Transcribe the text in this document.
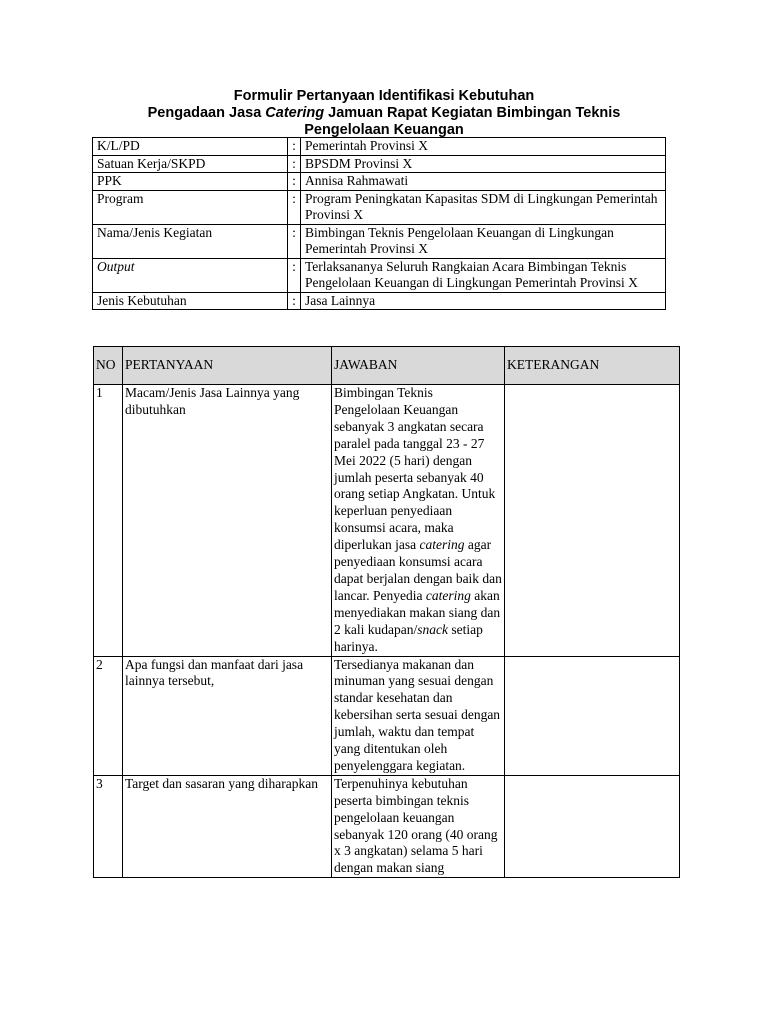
Formulir Pertanyaan Identifikasi Kebutuhan
Pengadaan Jasa Catering Jamuan Rapat Kegiatan Bimbingan Teknis
Pengelolaan Keuangan
K/L/PD	:	Pemerintah Provinsi X
Satuan Kerja/SKPD	:	BPSDM Provinsi X
PPK	:	Annisa Rahmawati
Program	:	Program Peningkatan Kapasitas SDM di Lingkungan Pemerintah Provinsi X
Nama/Jenis Kegiatan	:	Bimbingan Teknis Pengelolaan Keuangan di Lingkungan Pemerintah Provinsi X
Output	:	Terlaksananya Seluruh Rangkaian Acara Bimbingan Teknis Pengelolaan Keuangan di Lingkungan Pemerintah Provinsi X
Jenis Kebutuhan	:	Jasa Lainnya
NO	PERTANYAAN	JAWABAN	KETERANGAN
1	Macam/Jenis Jasa Lainnya yang dibutuhkan	Bimbingan Teknis Pengelolaan Keuangan sebanyak 3 angkatan secara paralel pada tanggal 23 - 27 Mei 2022 (5 hari) dengan jumlah peserta sebanyak 40 orang setiap Angkatan. Untuk keperluan penyediaan konsumsi acara, maka diperlukan jasa catering agar penyediaan konsumsi acara dapat berjalan dengan baik dan lancar. Penyedia catering akan menyediakan makan siang dan 2 kali kudapan/snack setiap harinya.	
2	Apa fungsi dan manfaat dari jasa lainnya tersebut,	Tersedianya makanan dan minuman yang sesuai dengan standar kesehatan dan kebersihan serta sesuai dengan jumlah, waktu dan tempat yang ditentukan oleh penyelenggara kegiatan.	
3	Target dan sasaran yang diharapkan	Terpenuhinya kebutuhan peserta bimbingan teknis pengelolaan keuangan sebanyak 120 orang (40 orang x 3 angkatan) selama 5 hari dengan makan siang	
